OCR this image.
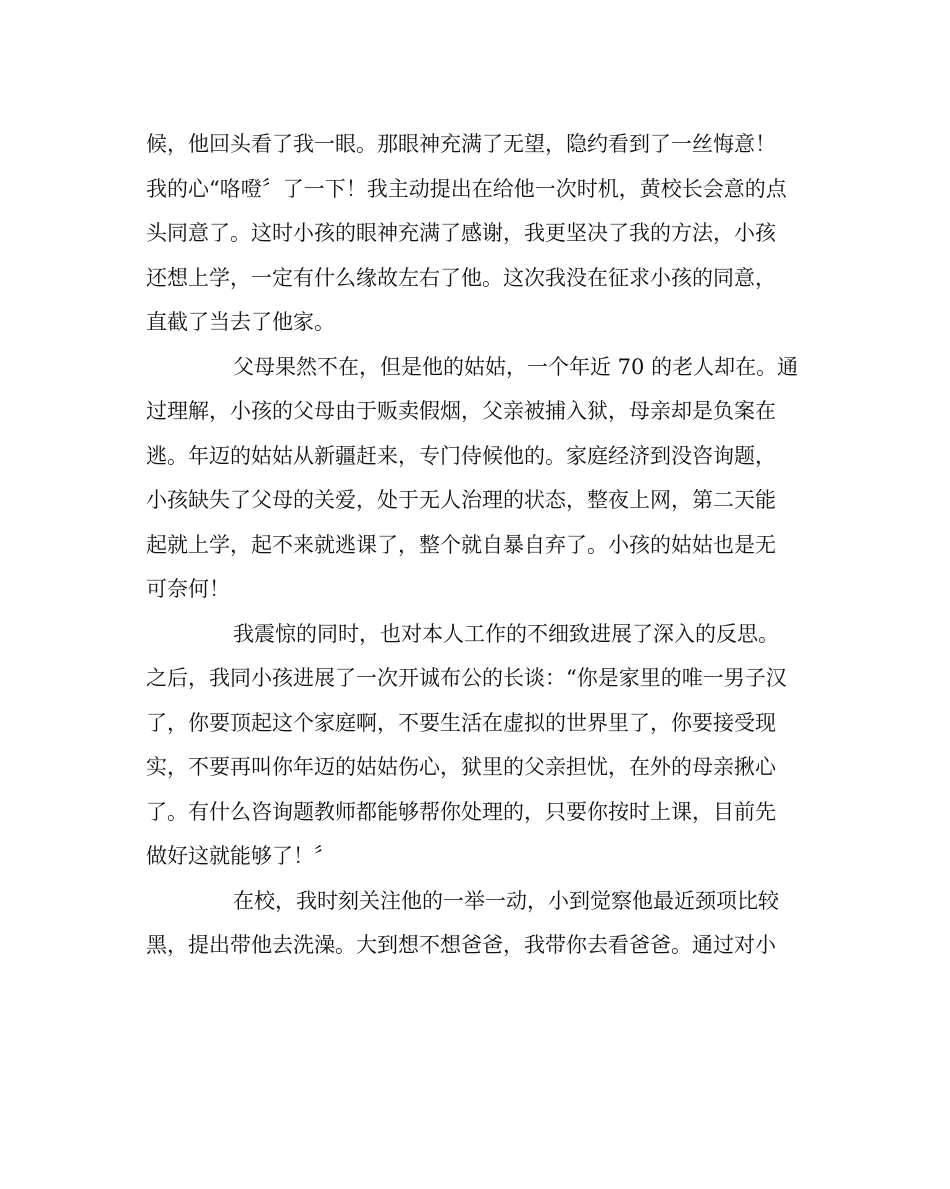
候，他回头看了我一眼。那眼神充满了无望，隐约看到了一丝悔意！
我的心“咯噔〞了一下！我主动提出在给他一次时机，黄校长会意的点
头同意了。这时小孩的眼神充满了感谢，我更坚决了我的方法，小孩
还想上学，一定有什么缘故左右了他。这次我没在征求小孩的同意，
直截了当去了他家。

父母果然不在，但是他的姑姑，一个年近 70 的老人却在。通
过理解，小孩的父母由于贩卖假烟，父亲被捕入狱，母亲却是负案在
逃。年迈的姑姑从新疆赶来，专门侍候他的。家庭经济到没咨询题，
小孩缺失了父母的关爱，处于无人治理的状态，整夜上网，第二天能
起就上学，起不来就逃课了，整个就自暴自弃了。小孩的姑姑也是无
可奈何！

我震惊的同时，也对本人工作的不细致进展了深入的反思。
之后，我同小孩进展了一次开诚布公的长谈：“你是家里的唯一男子汉
了，你要顶起这个家庭啊，不要生活在虚拟的世界里了，你要接受现
实，不要再叫你年迈的姑姑伤心，狱里的父亲担忧，在外的母亲揪心
了。有什么咨询题教师都能够帮你处理的，只要你按时上课，目前先
做好这就能够了！〞

在校，我时刻关注他的一举一动，小到觉察他最近颈项比较
黑，提出带他去洗澡。大到想不想爸爸，我带你去看爸爸。通过对小
